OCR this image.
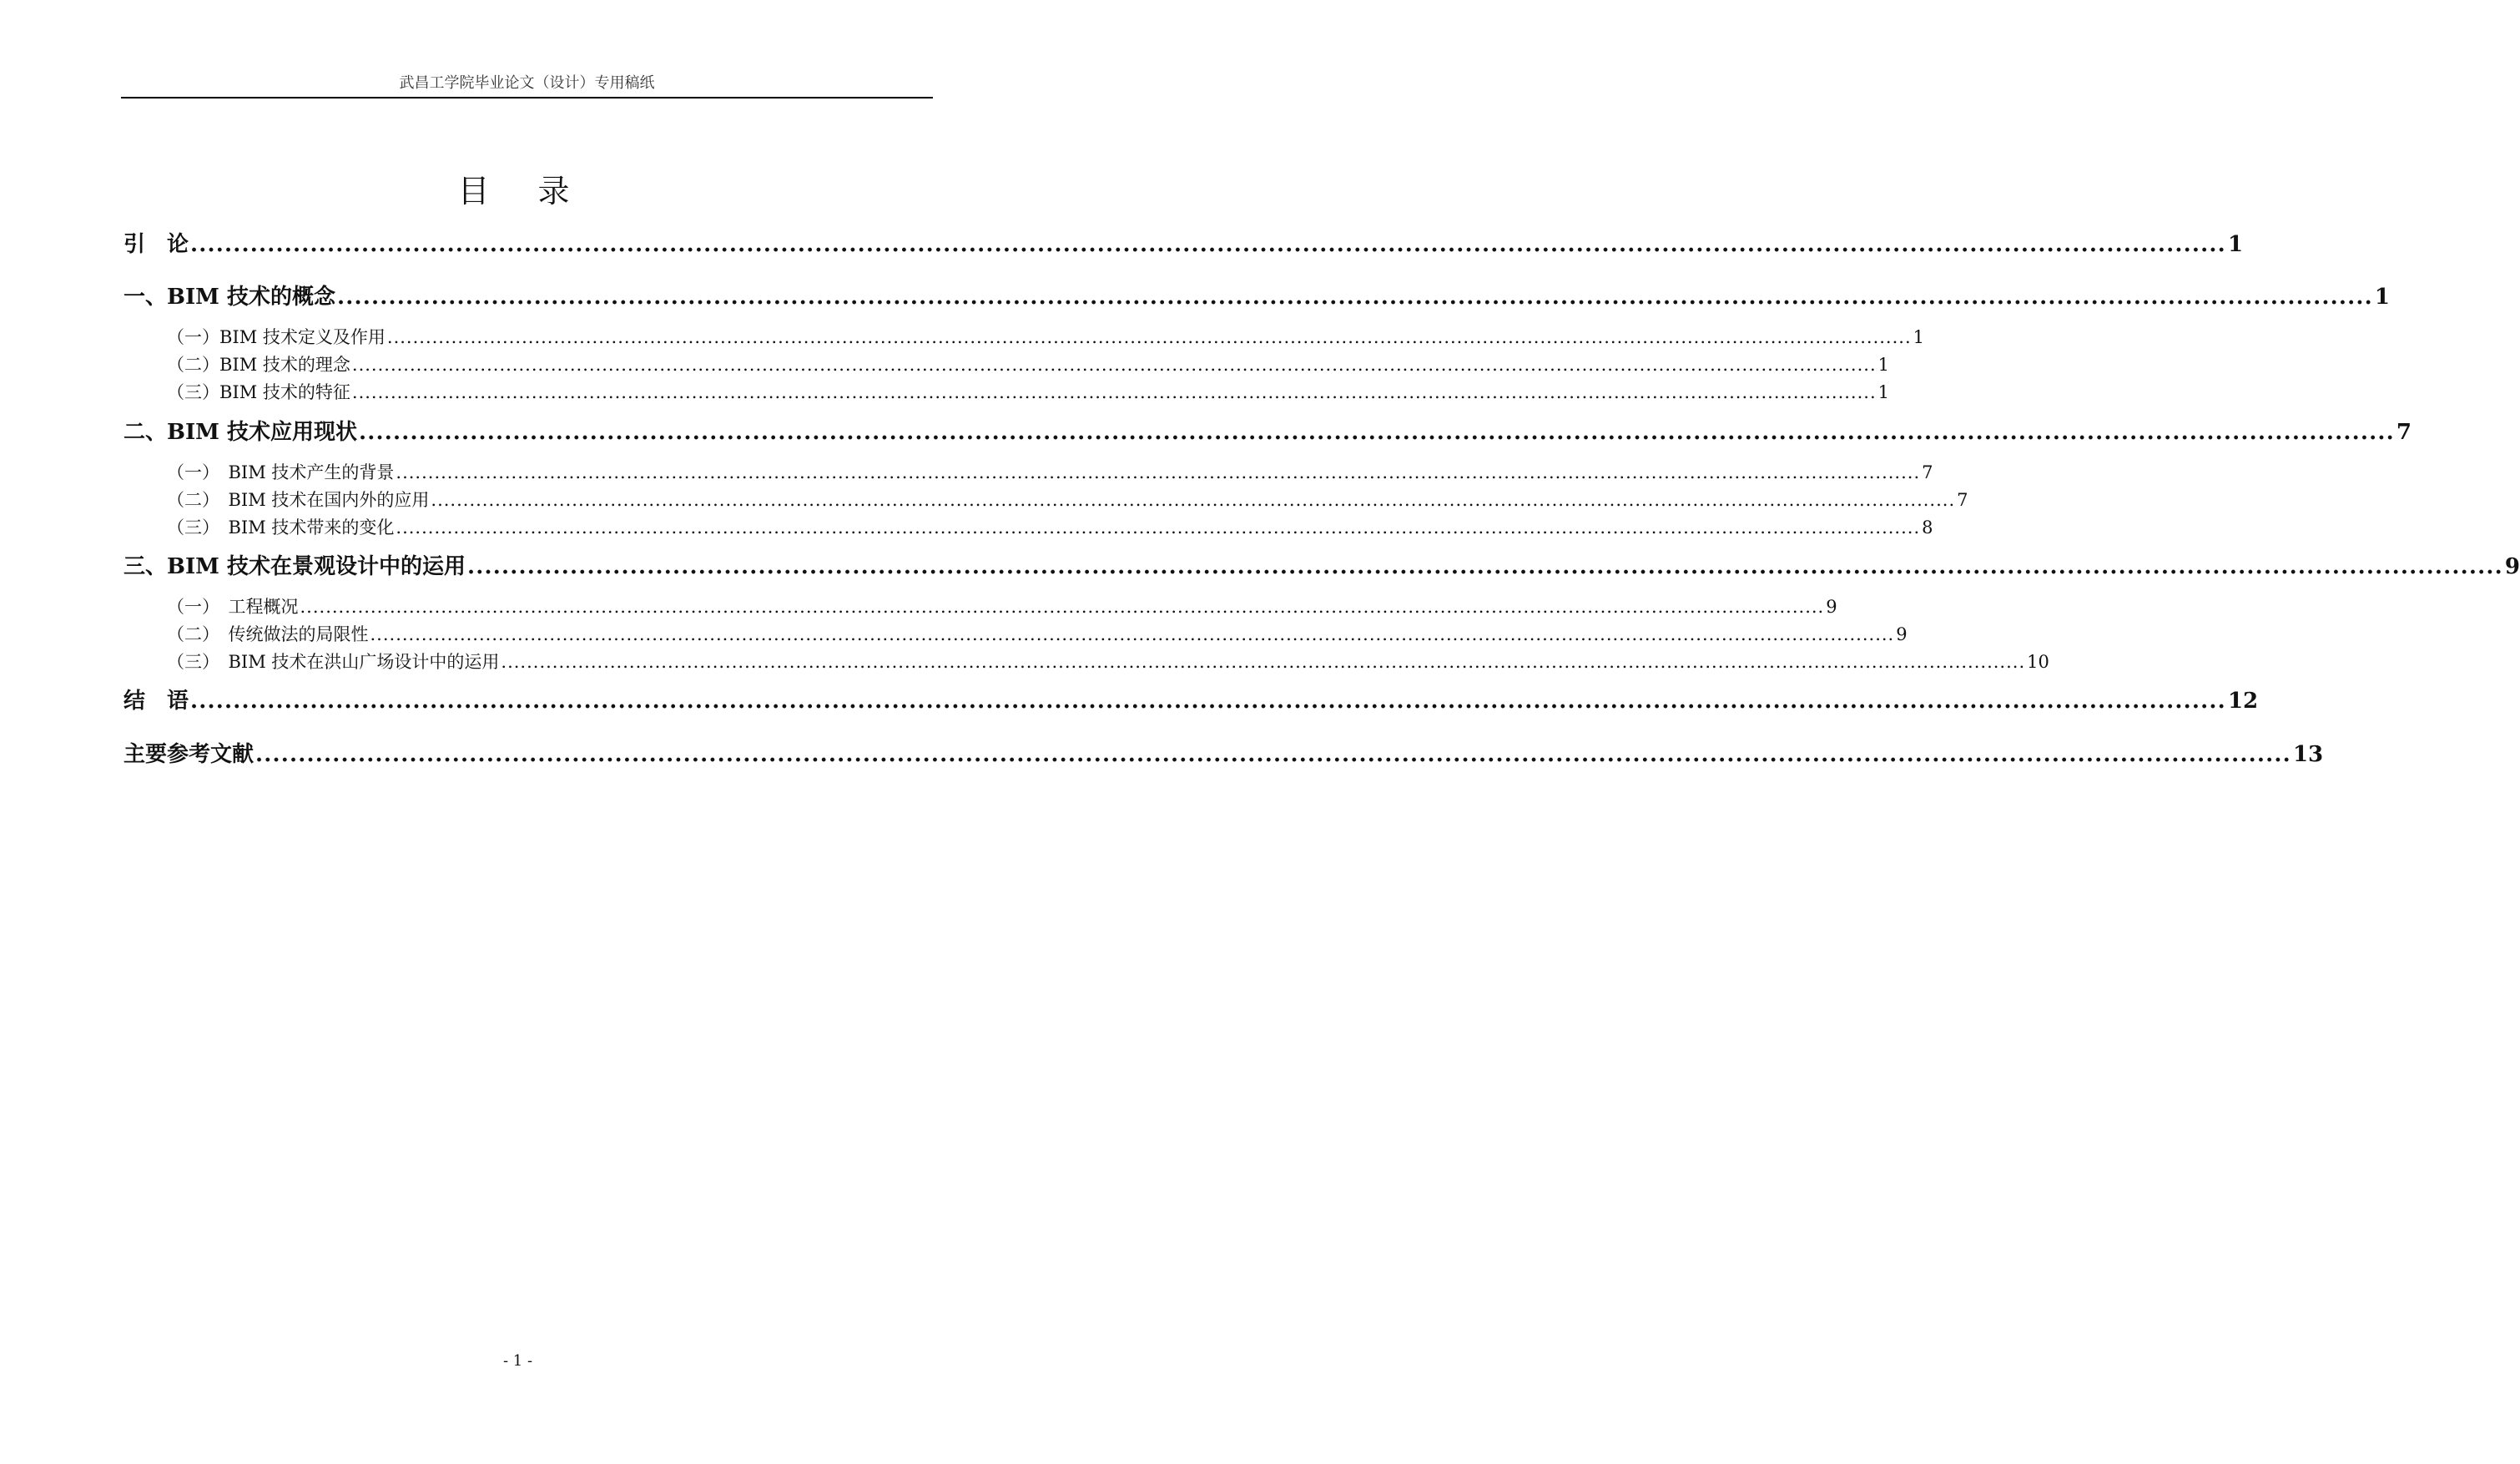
武昌工学院毕业论文（设计）专用稿纸
目　录
引　论 .............................................................................................................................................................................................................................................. 1
一、BIM 技术的概念 .............................................................................................................................................................................................................................................. 1
（一）BIM 技术定义及作用 .............................................................................................................................................................................................................................................. 1
（二）BIM 技术的理念 .............................................................................................................................................................................................................................................. 1
（三）BIM 技术的特征 .............................................................................................................................................................................................................................................. 1
二、BIM 技术应用现状 .............................................................................................................................................................................................................................................. 7
（一）　BIM 技术产生的背景 .............................................................................................................................................................................................................................................. 7
（二）　BIM 技术在国内外的应用 .............................................................................................................................................................................................................................................. 7
（三）　BIM 技术带来的变化 .............................................................................................................................................................................................................................................. 8
三、BIM 技术在景观设计中的运用 .............................................................................................................................................................................................................................................. 9
（一）　工程概况 .............................................................................................................................................................................................................................................. 9
（二）　传统做法的局限性 .............................................................................................................................................................................................................................................. 9
（三）　BIM 技术在洪山广场设计中的运用 .............................................................................................................................................................................................................................................. 10
结　语 .............................................................................................................................................................................................................................................. 12
主要参考文献 .............................................................................................................................................................................................................................................. 13
- 1 -
